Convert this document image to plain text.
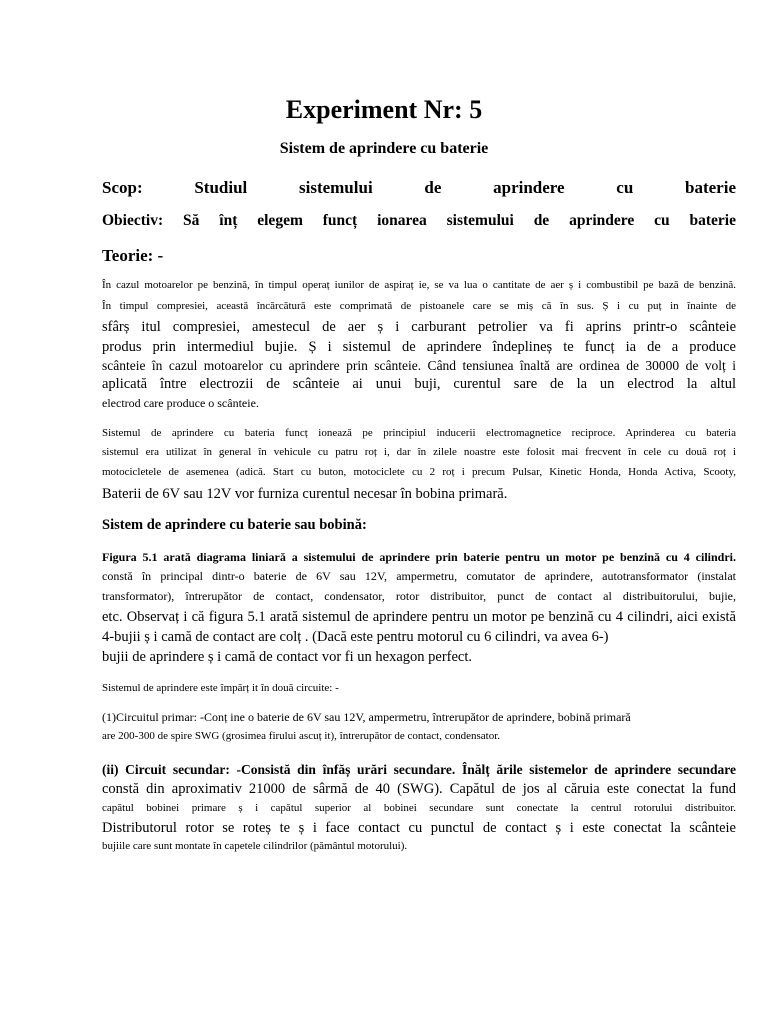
Experiment Nr: 5
Sistem de aprindere cu baterie
Scop: Studiul sistemului de aprindere cu baterie
Obiectiv: Să înț elegem funcț ionarea sistemului de aprindere cu baterie
Teorie: -
În cazul motoarelor pe benzină, în timpul operaț iunilor de aspiraț ie, se va lua o cantitate de aer ș i combustibil pe bază de benzină.
În timpul compresiei, această încărcătură este comprimată de pistoanele care se miș că în sus. Ș i cu puț in înainte de
sfârș itul compresiei, amestecul de aer ș i carburant petrolier va fi aprins printr-o scânteie
produs prin intermediul bujie. Ș i sistemul de aprindere îndeplineș te funcț ia de a produce
scânteie în cazul motoarelor cu aprindere prin scânteie. Când tensiunea înaltă are ordinea de 30000 de volț i
aplicată între electrozii de scânteie ai unui buji, curentul sare de la un electrod la altul
electrod care produce o scânteie.
Sistemul de aprindere cu bateria funcț ionează pe principiul inducerii electromagnetice reciproce. Aprinderea cu bateria
sistemul era utilizat în general în vehicule cu patru roț i, dar în zilele noastre este folosit mai frecvent în cele cu două roț i
motocicletele de asemenea (adică. Start cu buton, motociclete cu 2 roț i precum Pulsar, Kinetic Honda, Honda Activa, Scooty,
Baterii de 6V sau 12V vor furniza curentul necesar în bobina primară.
Sistem de aprindere cu baterie sau bobină:
Figura 5.1 arată diagrama liniară a sistemului de aprindere prin baterie pentru un motor pe benzină cu 4 cilindri.
constă în principal dintr-o baterie de 6V sau 12V, ampermetru, comutator de aprindere, autotransformator (instalat
transformator), întrerupător de contact, condensator, rotor distribuitor, punct de contact al distribuitorului, bujie,
etc. Observaț i că figura 5.1 arată sistemul de aprindere pentru un motor pe benzină cu 4 cilindri, aici există
4-bujii ș i camă de contact are colț . (Dacă este pentru motorul cu 6 cilindri, va avea 6-)
bujii de aprindere ș i camă de contact vor fi un hexagon perfect.
Sistemul de aprindere este împărț it în două circuite: -
(1)Circuitul primar: -Conț ine o baterie de 6V sau 12V, ampermetru, întrerupător de aprindere, bobină primară
are 200-300 de spire SWG (grosimea firului ascuț it), întrerupător de contact, condensator.
(ii) Circuit secundar: -Consistă din înfăș urări secundare. Înălț ările sistemelor de aprindere secundare
constă din aproximativ 21000 de sârmă de 40 (SWG). Capătul de jos al căruia este conectat la fund
capătul bobinei primare ș i capătul superior al bobinei secundare sunt conectate la centrul rotorului distribuitor.
Distributorul rotor se roteș te ș i face contact cu punctul de contact ș i este conectat la scânteie
bujiile care sunt montate în capetele cilindrilor (pământul motorului).
